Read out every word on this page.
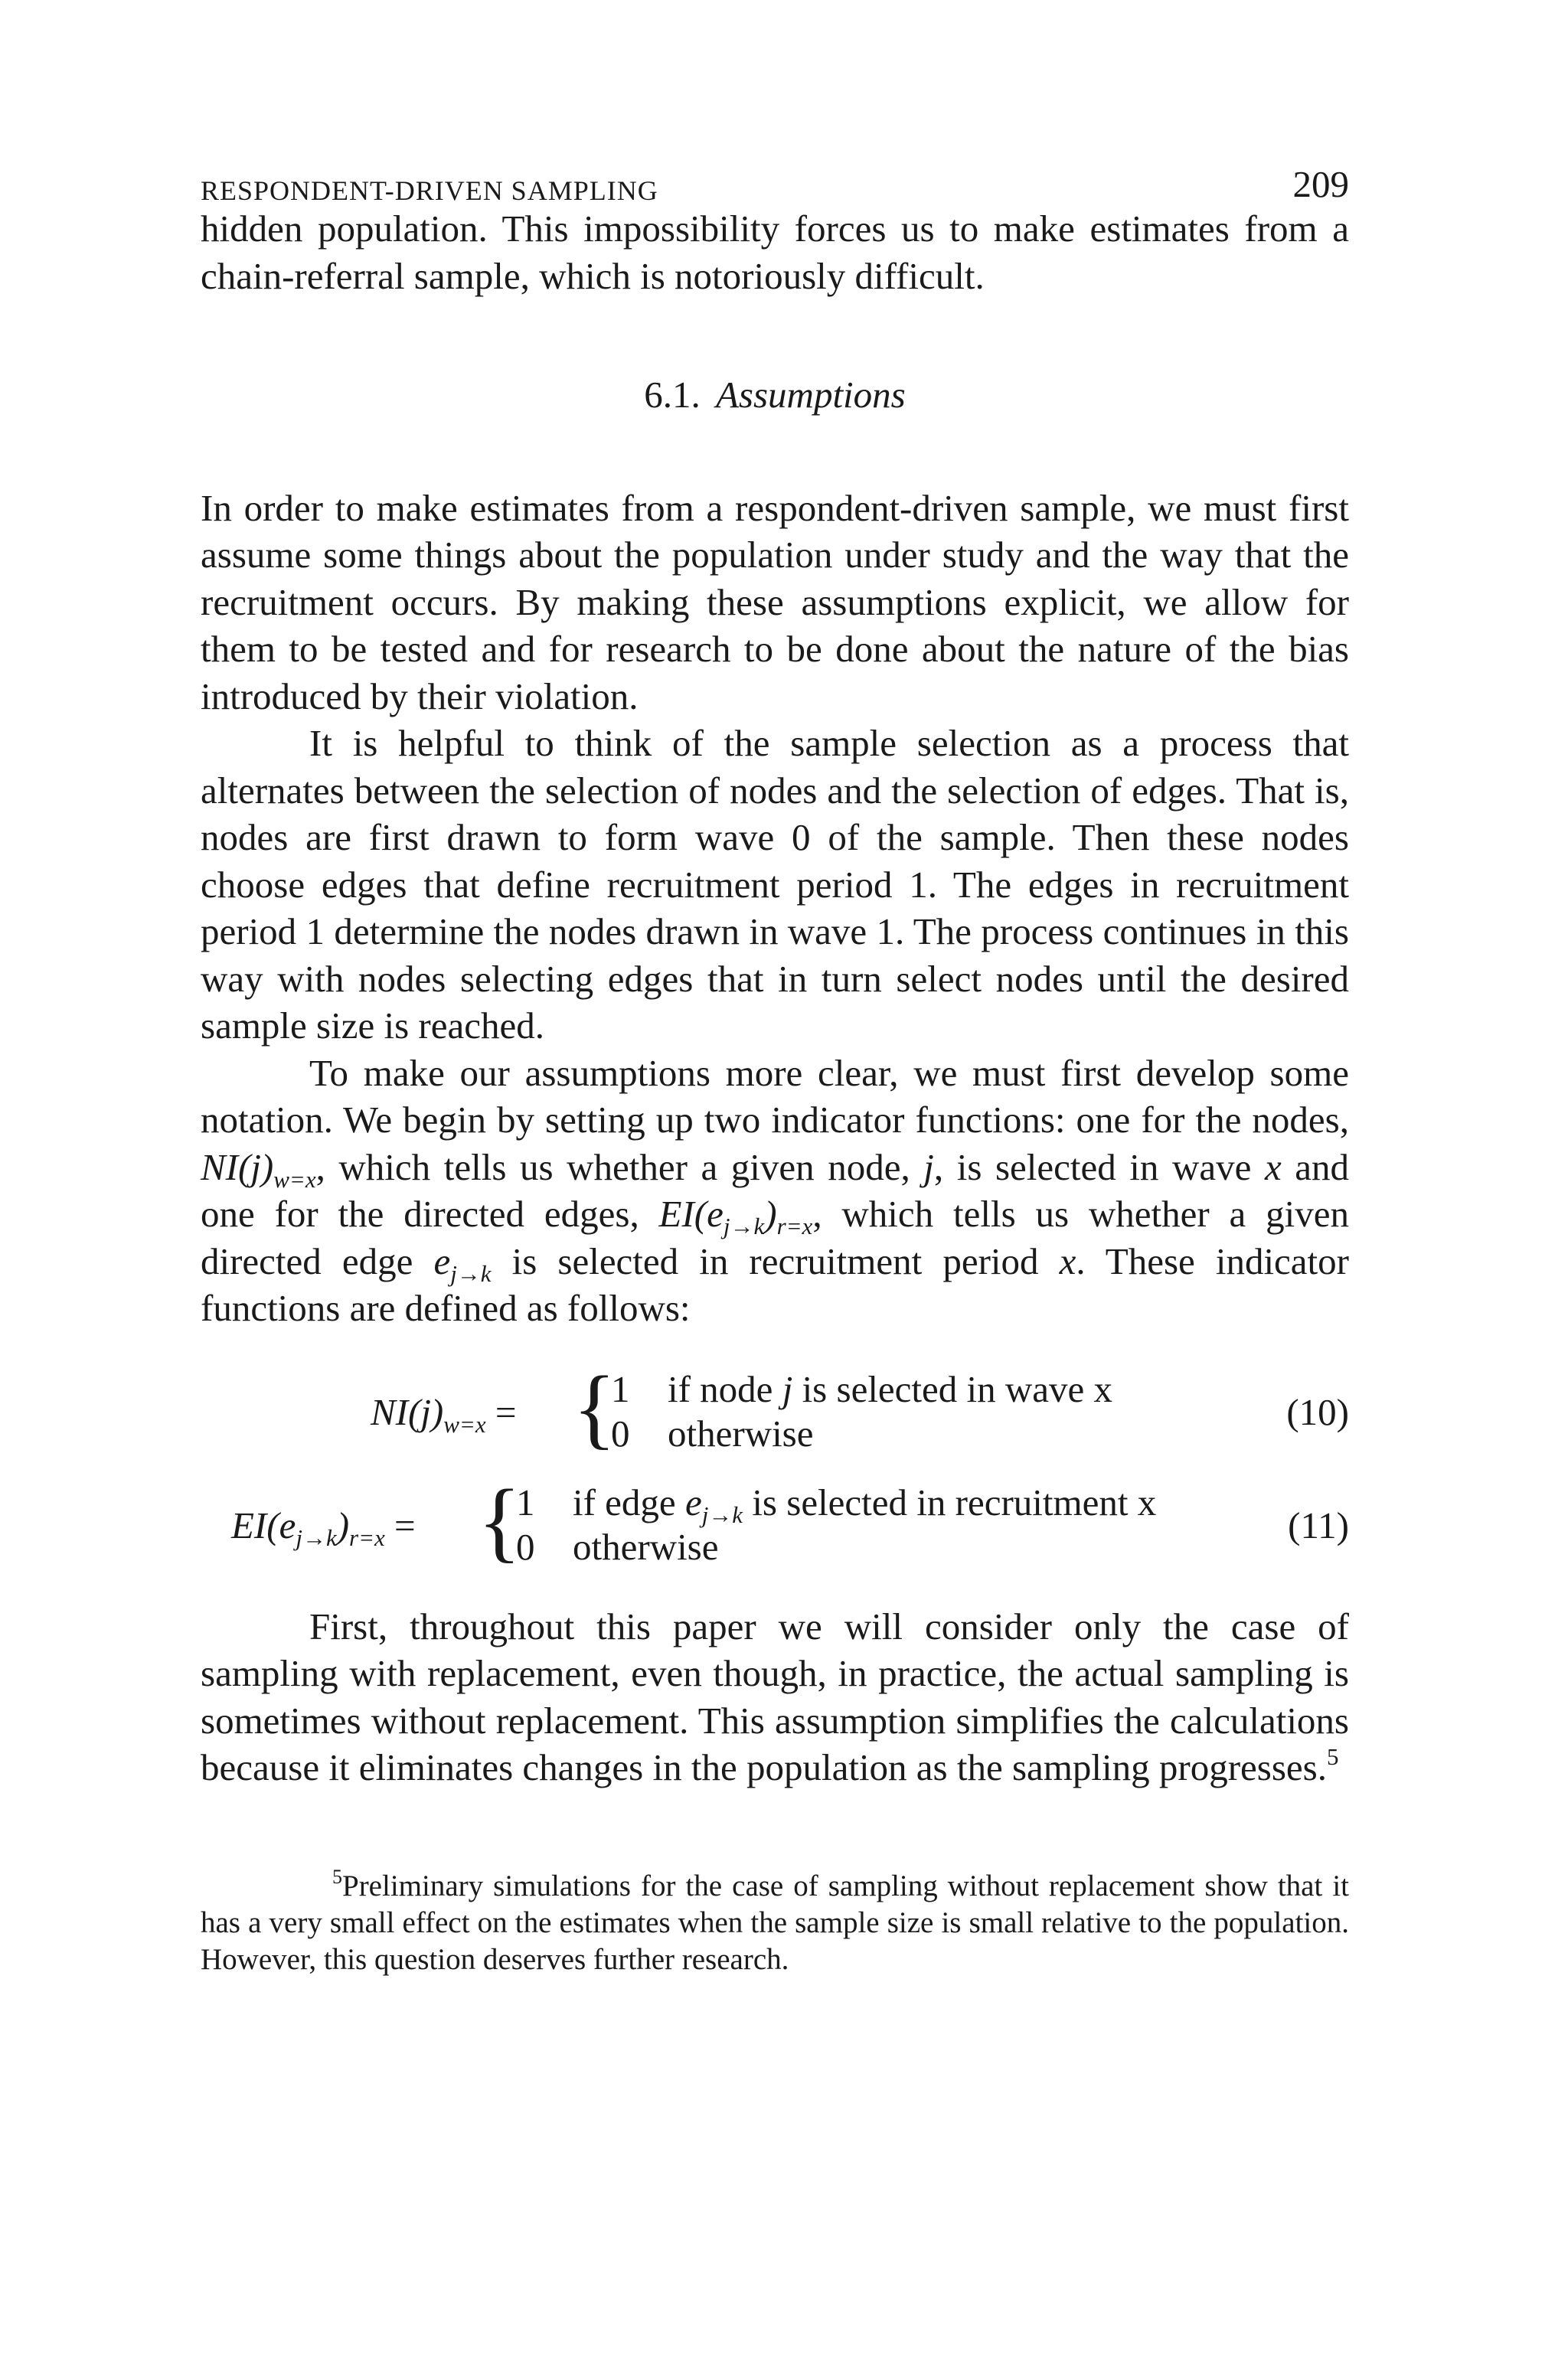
RESPONDENT-DRIVEN SAMPLING	209

hidden population. This impossibility forces us to make estimates from a chain-referral sample, which is notoriously difficult.

6.1. Assumptions

In order to make estimates from a respondent-driven sample, we must first assume some things about the population under study and the way that the recruitment occurs. By making these assumptions explicit, we allow for them to be tested and for research to be done about the nature of the bias introduced by their violation.

It is helpful to think of the sample selection as a process that alternates between the selection of nodes and the selection of edges. That is, nodes are first drawn to form wave 0 of the sample. Then these nodes choose edges that define recruitment period 1. The edges in recruitment period 1 determine the nodes drawn in wave 1. The process continues in this way with nodes selecting edges that in turn select nodes until the desired sample size is reached.

To make our assumptions more clear, we must first develop some notation. We begin by setting up two indicator functions: one for the nodes, $NI(j)_{w=x}$, which tells us whether a given node, j, is selected in wave x and one for the directed edges, $EI(e_{j\to k})_{r=x}$, which tells us whether a given directed edge $e_{j\to k}$ is selected in recruitment period x. These indicator functions are defined as follows:

$NI(j)_{w=x}$ = {
1 if node j is selected in wave x
0 otherwise
(10)
$EI(e_{j\to k})_{r=x}$ = {
1 if edge $e_{j\to k}$ is selected in recruitment x
0 otherwise
(11)

First, throughout this paper we will consider only the case of sampling with replacement, even though, in practice, the actual sampling is sometimes without replacement. This assumption simplifies the calculations because it eliminates changes in the population as the sampling progresses.$^5$

$^5$Preliminary simulations for the case of sampling without replacement show that it has a very small effect on the estimates when the sample size is small relative to the population. However, this question deserves further research.
